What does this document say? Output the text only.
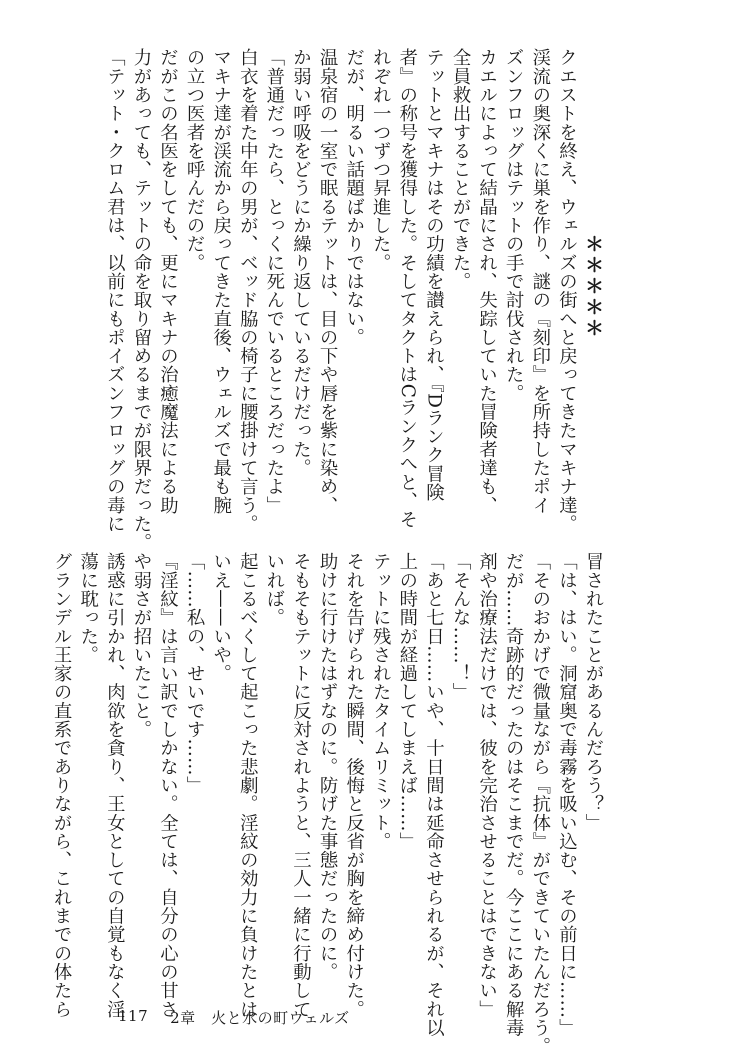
＊＊＊＊＊
クエストを終え、ウェルズの街へと戻ってきたマキナ達。
渓流の奥深くに巣を作り、謎の『刻印』を所持したポイ
ズンフロッグはテットの手で討伐された。
カエルによって結晶にされ、失踪していた冒険者達も、
全員救出することができた。
テットとマキナはその功績を讃えられ、『Dランク冒険
者』の称号を獲得した。そしてタクトはCランクへと、そ
れぞれ一つずつ昇進した。
だが、明るい話題ばかりではない。
温泉宿の一室で眠るテットは、目の下や唇を紫に染め、
か弱い呼吸をどうにか繰り返しているだけだった。
「普通だったら、とっくに死んでいるところだったよ」
白衣を着た中年の男が、ベッド脇の椅子に腰掛けて言う。
マキナ達が渓流から戻ってきた直後、ウェルズで最も腕
の立つ医者を呼んだのだ。
だがこの名医をしても、更にマキナの治癒魔法による助
力があっても、テットの命を取り留めるまでが限界だった。
「テット・クロム君は、以前にもポイズンフロッグの毒に
冒されたことがあるんだろう？」
「は、はい。洞窟奥で毒霧を吸い込む、その前日に……」
「そのおかげで微量ながら『抗体』ができていたんだろう。
だが……奇跡的だったのはそこまでだ。今ここにある解毒
剤や治療法だけでは、彼を完治させることはできない」
「そんな……！」
「あと七日……いや、十日間は延命させられるが、それ以
上の時間が経過してしまえば……」
テットに残されたタイムリミット。
それを告げられた瞬間、後悔と反省が胸を締め付けた。
助けに行けたはずなのに。防げた事態だったのに。
そもそもテットに反対されようと、三人一緒に行動して
いれば。
起こるべくして起こった悲劇。淫紋の効力に負けたとは
いえ——いや。
「……私の、せいです……」
『淫紋』は言い訳でしかない。全ては、自分の心の甘さ
や弱さが招いたこと。
誘惑に引かれ、肉欲を貪り、王女としての自覚もなく淫
蕩に耽った。
グランデル王家の直系でありながら、これまでの体たら	117 2章　火と水の町ウェルズ
